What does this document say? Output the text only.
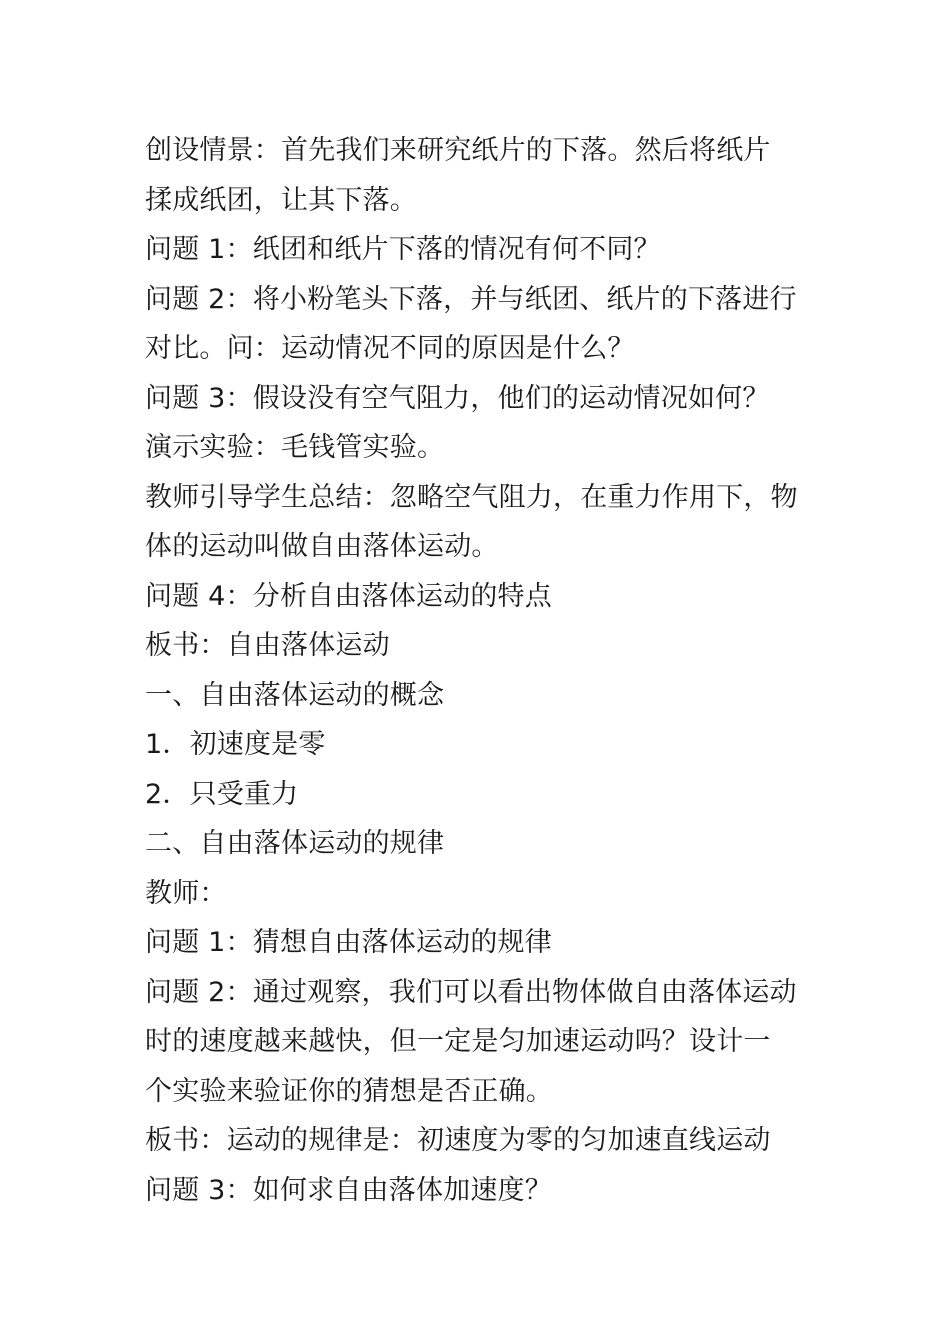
创设情景：首先我们来研究纸片的下落。然后将纸片
揉成纸团，让其下落。
问题 1：纸团和纸片下落的情况有何不同？
问题 2：将小粉笔头下落，并与纸团、纸片的下落进行
对比。问：运动情况不同的原因是什么？
问题 3：假设没有空气阻力，他们的运动情况如何？
演示实验：毛钱管实验。
教师引导学生总结：忽略空气阻力，在重力作用下，物
体的运动叫做自由落体运动。
问题 4：分析自由落体运动的特点
板书：自由落体运动
一、自由落体运动的概念
1．初速度是零
2．只受重力
二、自由落体运动的规律
教师：
问题 1：猜想自由落体运动的规律
问题 2：通过观察，我们可以看出物体做自由落体运动
时的速度越来越快，但一定是匀加速运动吗？设计一
个实验来验证你的猜想是否正确。
板书：运动的规律是：初速度为零的匀加速直线运动
问题 3：如何求自由落体加速度？
